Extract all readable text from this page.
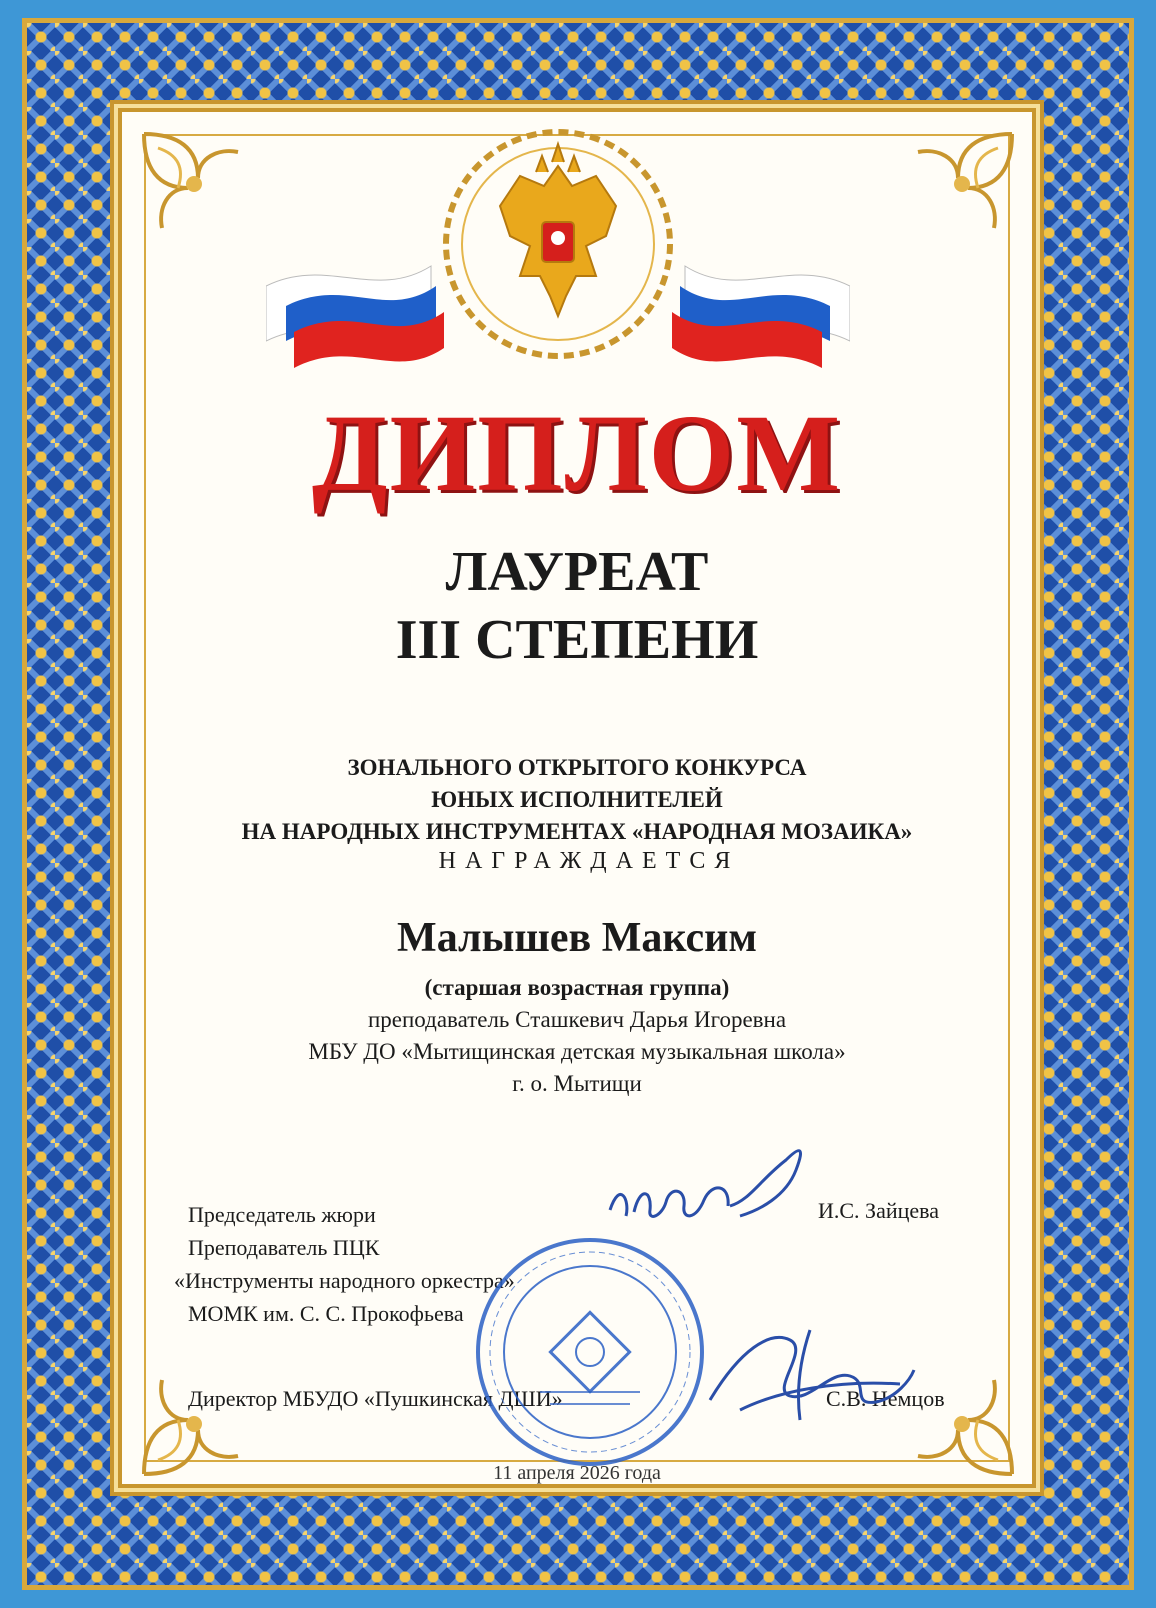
ДИПЛОМ
ЛАУРЕАТ
III СТЕПЕНИ
ЗОНАЛЬНОГО ОТКРЫТОГО КОНКУРСА
ЮНЫХ ИСПОЛНИТЕЛЕЙ
НА НАРОДНЫХ ИНСТРУМЕНТАХ «НАРОДНАЯ МОЗАИКА»
НАГРАЖДАЕТСЯ
Малышев Максим
(старшая возрастная группа)
преподаватель Сташкевич Дарья Игоревна
МБУ ДО «Мытищинская детская музыкальная школа»
г. о. Мытищи
Председатель жюри
Преподаватель ПЦК
«Инструменты народного оркестра»
МОМК им. С. С. Прокофьева
И.С. Зайцева
Директор МБУДО «Пушкинская ДШИ»	С.В. Немцов
11 апреля 2026 года
